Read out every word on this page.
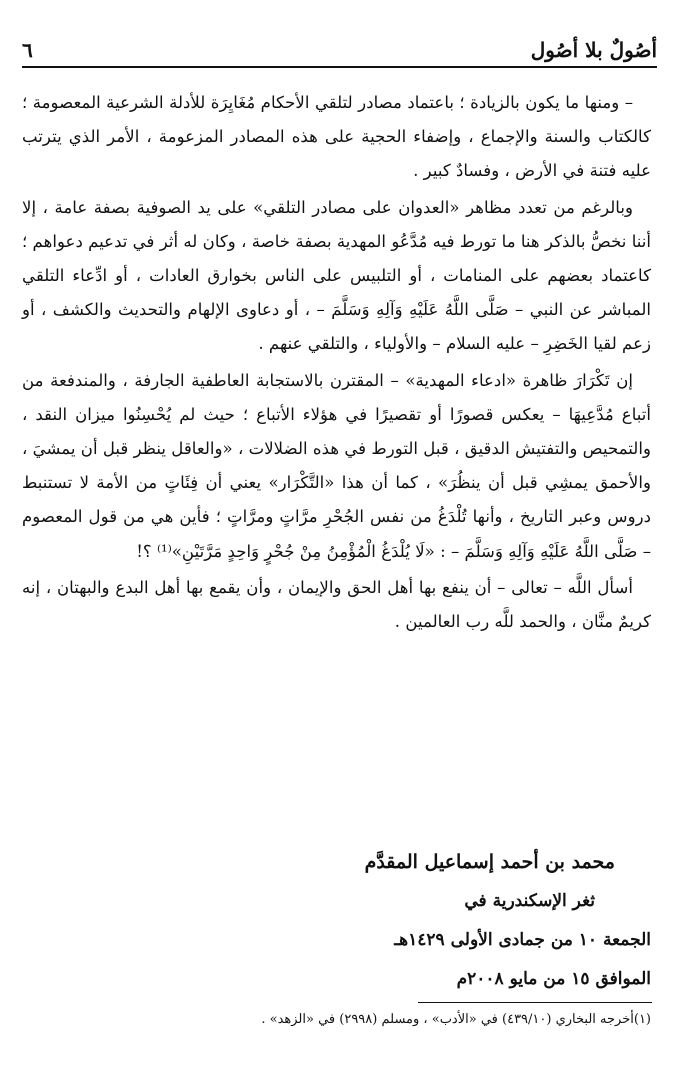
أصُولٌ بلا أصُول
٦

– ومنها ما يكون بالزيادة ؛ باعتماد مصادر لتلقي الأحكام مُغَايِرَة للأدلة الشرعية المعصومة ؛ كالكتاب والسنة والإجماع ، وإضفاء الحجية على هذه المصادر المزعومة ، الأمر الذي يترتب عليه فتنة في الأرض ، وفسادٌ كبير .

وبالرغم من تعدد مظاهر «العدوان على مصادر التلقي» على يد الصوفية بصفة عامة ، إلا أننا نخصُّ بالذكر هنا ما تورط فيه مُدَّعُو المهدية بصفة خاصة ، وكان له أثر في تدعيم دعواهم ؛ كاعتماد بعضهم على المنامات ، أو التلبيس على الناس بخوارق العادات ، أو ادِّعاء التلقي المباشر عن النبي – صَلَّى اللَّهُ عَلَيْهِ وَآلِهِ وَسَلَّمَ – ، أو دعاوى الإلهام والتحديث والكشف ، أو زعم لقيا الخَضِرِ – عليه السلام – والأولياء ، والتلقي عنهم .

إن تَكْرَارَ ظاهرة «ادعاء المهدية» – المقترن بالاستجابة العاطفية الجارفة ، والمندفعة من أتباع مُدَّعِيهَا – يعكس قصورًا أو تقصيرًا في هؤلاء الأتباع ؛ حيث لم يُحْسِنُوا ميزان النقد ، والتمحيص والتفتيش الدقيق ، قبل التورط في هذه الضلالات ، «والعاقل ينظر قبل أن يمشيَ ، والأحمق يمشِي قبل أن ينظُرَ» ، كما أن هذا «التَّكْرَار» يعني أن فِئَاتٍ من الأمة لا تستنبط دروس وعبر التاريخ ، وأنها تُلْدَغُ من نفس الجُحْرِ مرَّاتٍ ومرَّاتٍ ؛ فأين هي من قول المعصوم – صَلَّى اللَّهُ عَلَيْهِ وَآلِهِ وَسَلَّمَ – : «لَا يُلْدَغُ الْمُؤْمِنُ مِنْ جُحْرٍ وَاحِدٍ مَرَّتَيْنِ»⁽¹⁾ ؟!

أسأل اللَّه – تعالى – أن ينفع بها أهل الحق والإيمان ، وأن يقمع بها أهل البدع والبهتان ، إنه كريمٌ منَّان ، والحمد للَّه رب العالمين .

محمد بن أحمد إسماعيل المقدَّم
ثغر الإسكندرية في
الجمعة ١٠ من جمادى الأولى ١٤٢٩هـ
الموافق ١٥ من مايو ٢٠٠٨م
(١)أخرجه البخاري (٤٣٩/١٠) في «الأدب» ، ومسلم (٢٩٩٨) في «الزهد» .
